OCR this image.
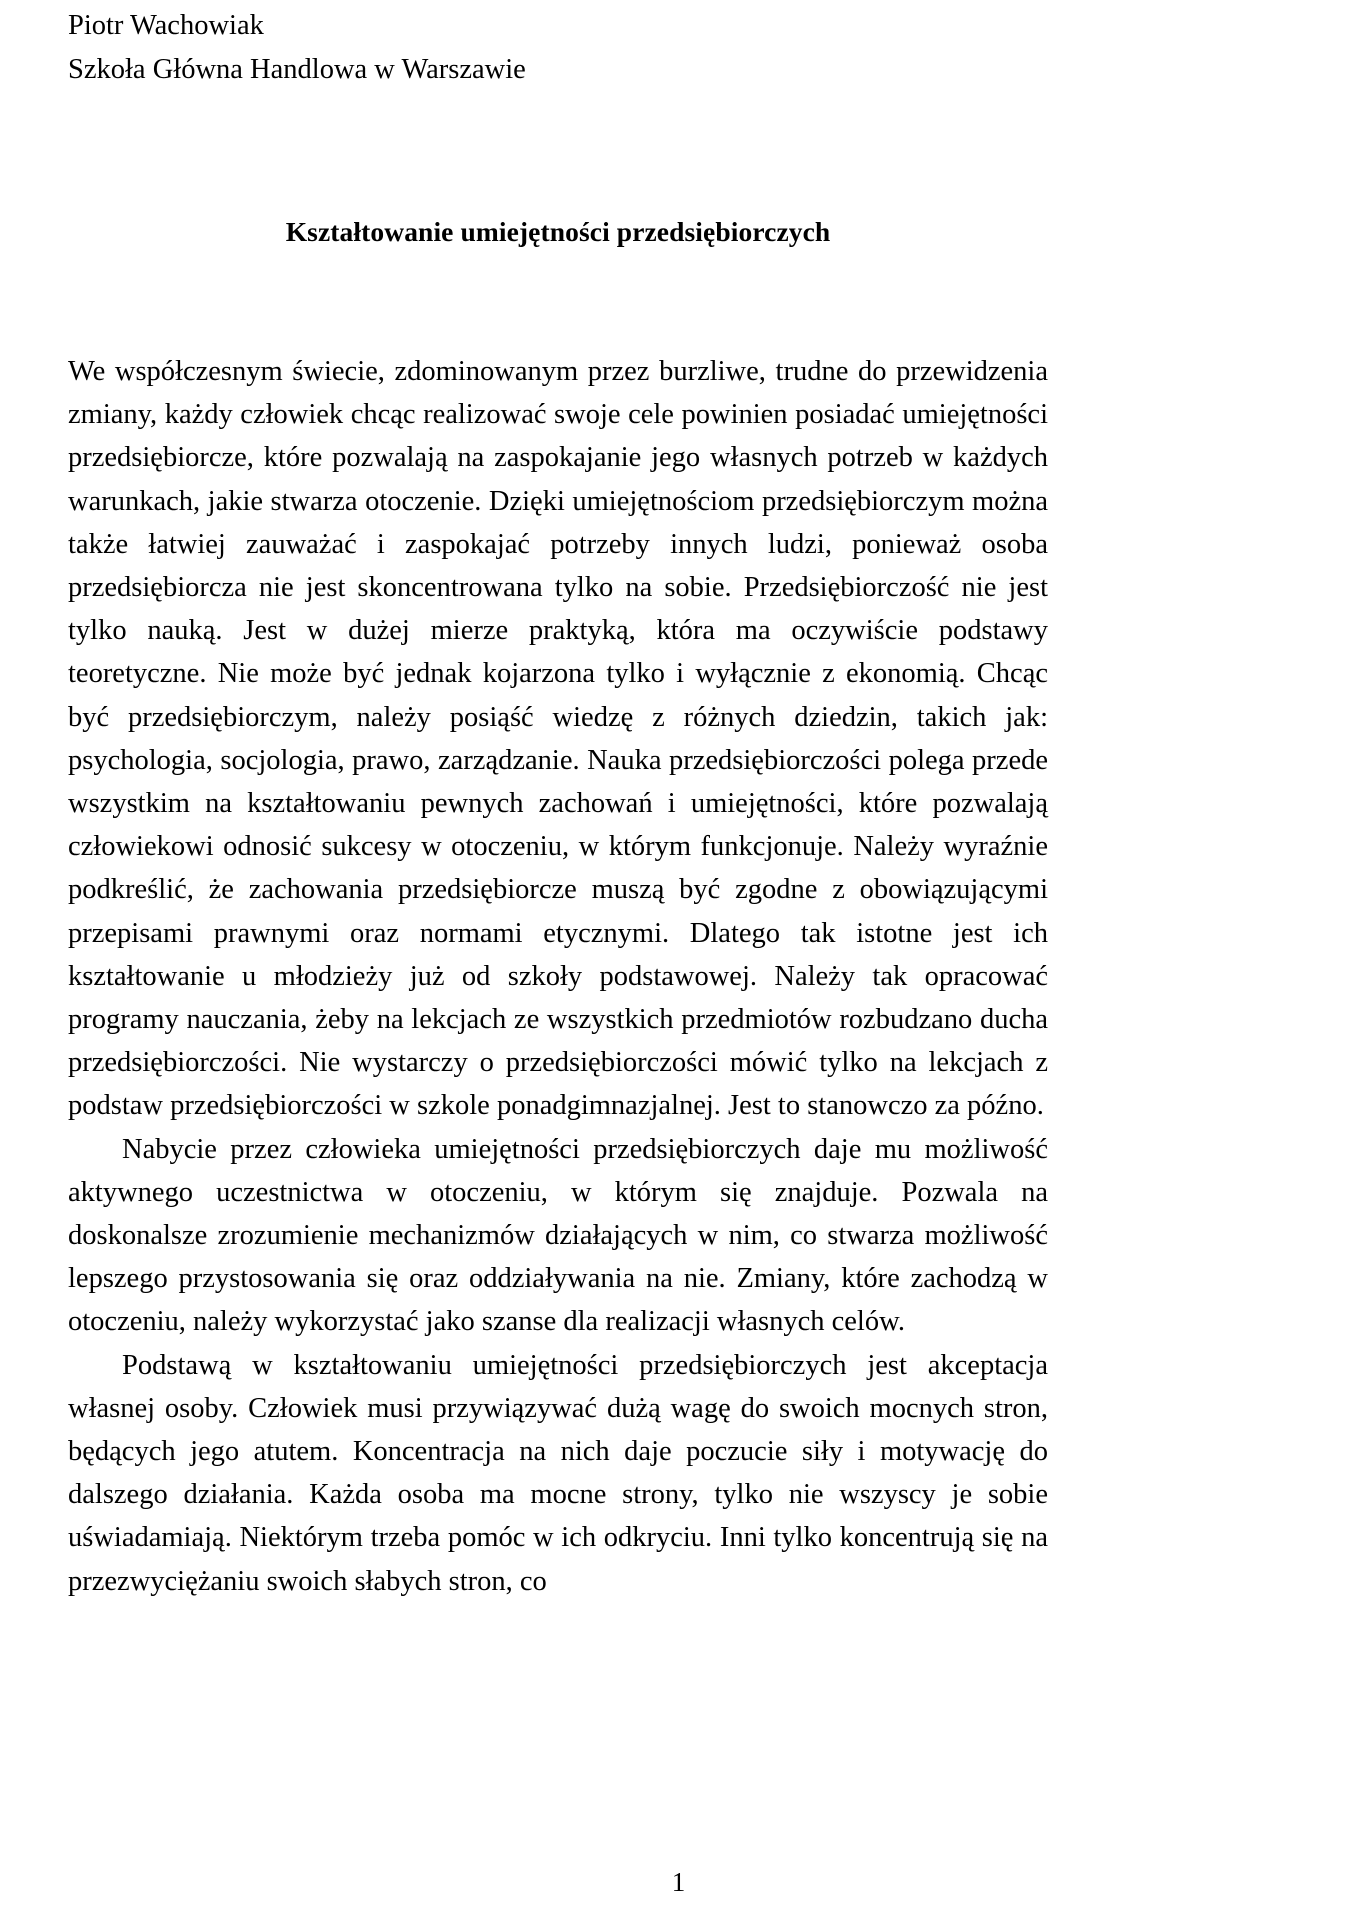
Piotr Wachowiak
Szkoła Główna Handlowa w Warszawie
Kształtowanie umiejętności przedsiębiorczych

We współczesnym świecie, zdominowanym przez burzliwe, trudne do przewidzenia zmiany, każdy człowiek chcąc realizować swoje cele powinien posiadać umiejętności przedsiębiorcze, które pozwalają na zaspokajanie jego własnych potrzeb w każdych warunkach, jakie stwarza otoczenie. Dzięki umiejętnościom przedsiębiorczym można także łatwiej zauważać i zaspokajać potrzeby innych ludzi, ponieważ osoba przedsiębiorcza nie jest skoncentrowana tylko na sobie. Przedsiębiorczość nie jest tylko nauką. Jest w dużej mierze praktyką, która ma oczywiście podstawy teoretyczne. Nie może być jednak kojarzona tylko i wyłącznie z ekonomią. Chcąc być przedsiębiorczym, należy posiąść wiedzę z różnych dziedzin, takich jak: psychologia, socjologia, prawo, zarządzanie. Nauka przedsiębiorczości polega przede wszystkim na kształtowaniu pewnych zachowań i umiejętności, które pozwalają człowiekowi odnosić sukcesy w otoczeniu, w którym funkcjonuje. Należy wyraźnie podkreślić, że zachowania przedsiębiorcze muszą być zgodne z obowiązującymi przepisami prawnymi oraz normami etycznymi. Dlatego tak istotne jest ich kształtowanie u młodzieży już od szkoły podstawowej. Należy tak opracować programy nauczania, żeby na lekcjach ze wszystkich przedmiotów rozbudzano ducha przedsiębiorczości. Nie wystarczy o przedsiębiorczości mówić tylko na lekcjach z podstaw przedsiębiorczości w szkole ponadgimnazjalnej. Jest to stanowczo za późno.

Nabycie przez człowieka umiejętności przedsiębiorczych daje mu możliwość aktywnego uczestnictwa w otoczeniu, w którym się znajduje. Pozwala na doskonalsze zrozumienie mechanizmów działających w nim, co stwarza możliwość lepszego przystosowania się oraz oddziaływania na nie. Zmiany, które zachodzą w otoczeniu, należy wykorzystać jako szanse dla realizacji własnych celów.

Podstawą w kształtowaniu umiejętności przedsiębiorczych jest akceptacja własnej osoby. Człowiek musi przywiązywać dużą wagę do swoich mocnych stron, będących jego atutem. Koncentracja na nich daje poczucie siły i motywację do dalszego działania. Każda osoba ma mocne strony, tylko nie wszyscy je sobie uświadamiają. Niektórym trzeba pomóc w ich odkryciu. Inni tylko koncentrują się na przezwyciężaniu swoich słabych stron, co

1
